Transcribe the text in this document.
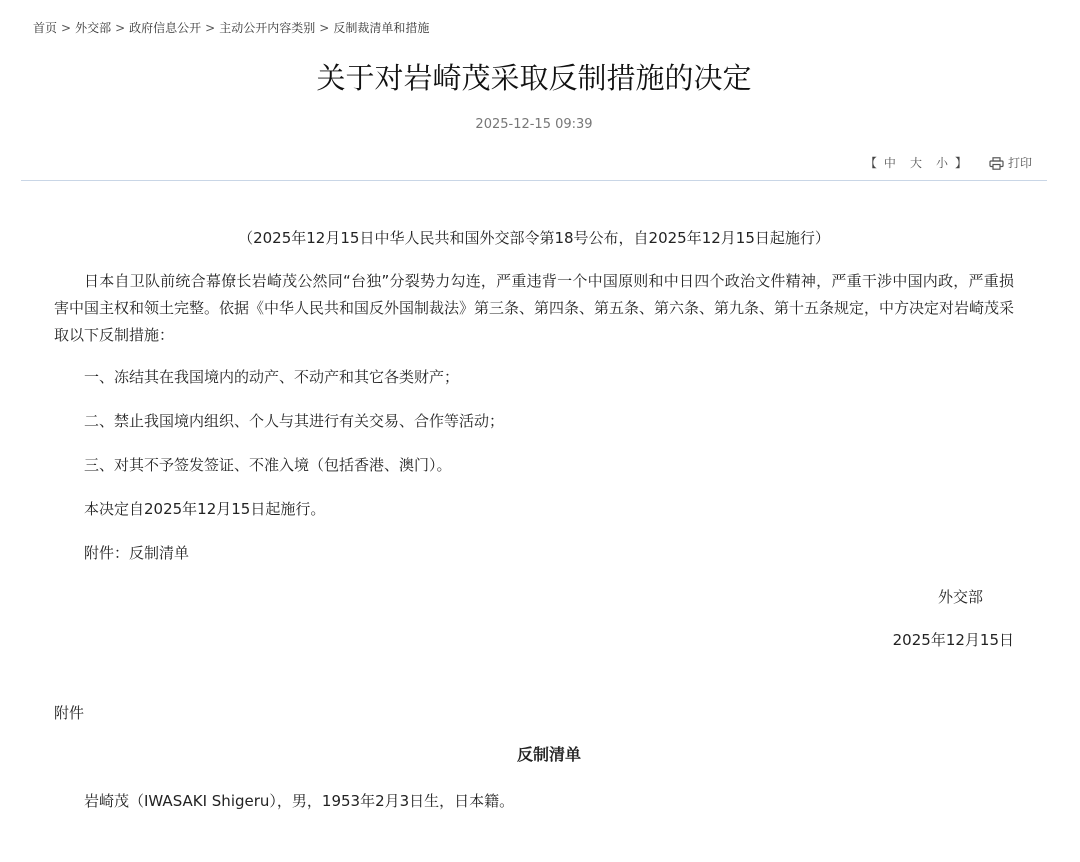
首页 > 外交部 > 政府信息公开 > 主动公开内容类别 > 反制裁清单和措施
关于对岩崎茂采取反制措施的决定
2025-12-15 09:39
【 中 大 小 】	打印

（2025年12月15日中华人民共和国外交部令第18号公布，自2025年12月15日起施行）

日本自卫队前统合幕僚长岩崎茂公然同“台独”分裂势力勾连，严重违背一个中国原则和中日四个政治文件精神，严重干涉中国内政，严重损害中国主权和领土完整。依据《中华人民共和国反外国制裁法》第三条、第四条、第五条、第六条、第九条、第十五条规定，中方决定对岩崎茂采取以下反制措施：

一、冻结其在我国境内的动产、不动产和其它各类财产；

二、禁止我国境内组织、个人与其进行有关交易、合作等活动；

三、对其不予签发签证、不准入境（包括香港、澳门）。

本决定自2025年12月15日起施行。

附件：反制清单

外交部

2025年12月15日

附件
反制清单
岩崎茂（IWASAKI Shigeru），男，1953年2月3日生，日本籍。
